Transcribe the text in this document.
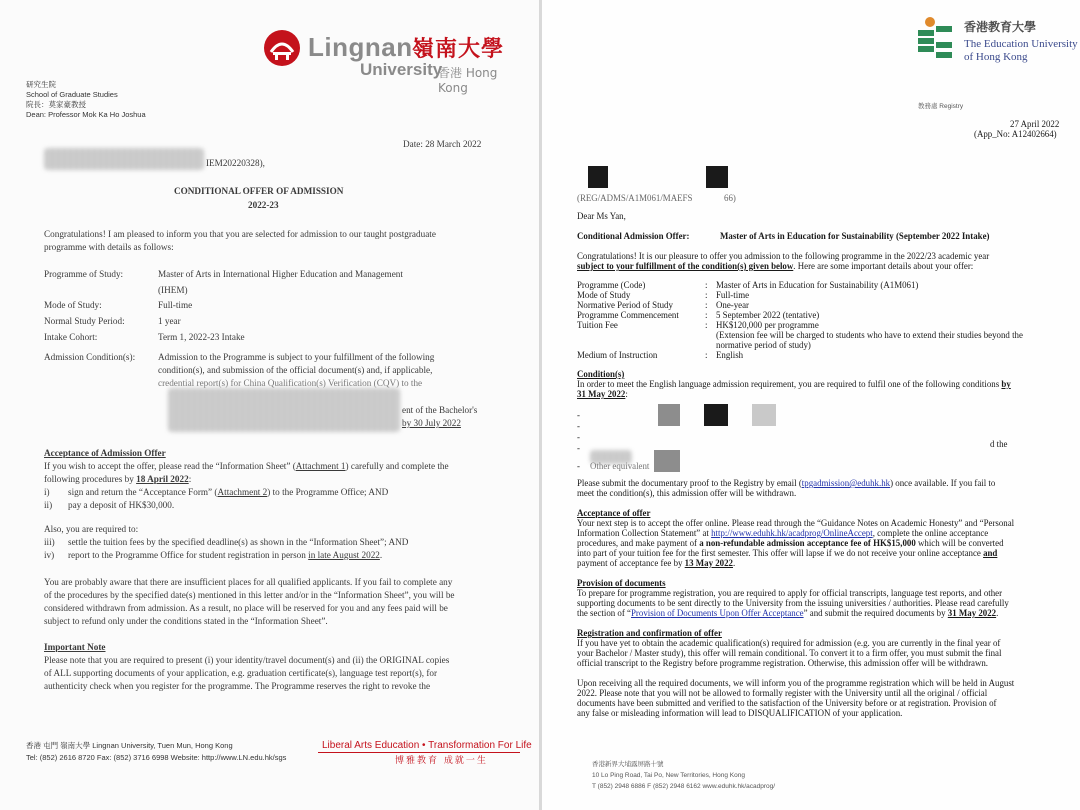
Lingnan 嶺南大學
University
香港 Hong Kong
研究生院
School of Graduate Studies
院長：莫家豪教授
Dean: Professor Mok Ka Ho Joshua
Date: 28 March 2022
IEM20220328),
CONDITIONAL OFFER OF ADMISSION
2022-23
Congratulations! I am pleased to inform you that you are selected for admission to our taught postgraduate
programme with details as follows:
Programme of Study:	Master of Arts in International Higher Education and Management
(IHEM)
Mode of Study:	Full-time
Normal Study Period:	1 year
Intake Cohort:	Term 1, 2022-23 Intake
Admission Condition(s): Admission to the Programme is subject to your fulfillment of the following
condition(s), and submission of the official document(s) and, if applicable,
credential report(s) for China Qualification(s) Verification (CQV) to the
ent of the Bachelor's
by 30 July 2022
Acceptance of Admission Offer
If you wish to accept the offer, please read the “Information Sheet” (Attachment 1) carefully and complete the
following procedures by 18 April 2022:
i) sign and return the “Acceptance Form” (Attachment 2) to the Programme Office; AND
ii) pay a deposit of HK$30,000.
Also, you are required to:
iii) settle the tuition fees by the specified deadline(s) as shown in the “Information Sheet”; AND
iv) report to the Programme Office for student registration in person in late August 2022.
You are probably aware that there are insufficient places for all qualified applicants. If you fail to complete any
of the procedures by the specified date(s) mentioned in this letter and/or in the “Information Sheet”, you will be
considered withdrawn from admission. As a result, no place will be reserved for you and any fees paid will be
subject to refund only under the conditions stated in the “Information Sheet”.
Important Note
Please note that you are required to present (i) your identity/travel document(s) and (ii) the ORIGINAL copies
of ALL supporting documents of your application, e.g. graduation certificate(s), language test report(s), for
authenticity check when you register for the programme. The Programme reserves the right to revoke the
香港 屯門 嶺南大學 Lingnan University, Tuen Mun, Hong Kong
Tel: (852) 2616 8720 Fax: (852) 3716 6998 Website: http://www.LN.edu.hk/sgs
Liberal Arts Education • Transformation For Life
博雅教育 成就一生
香港教育大學
The Education University
of Hong Kong
教務處 Registry
27 April 2022
(App_No: A12402664)
(REG/ADMS/A1M061/MAEFS	66)
Dear Ms Yan,
Conditional Admission Offer:	Master of Arts in Education for Sustainability (September 2022 Intake)
Congratulations! It is our pleasure to offer you admission to the following programme in the 2022/23 academic year
subject to your fulfillment of the condition(s) given below. Here are some important details about your offer:
Programme (Code)	: Master of Arts in Education for Sustainability (A1M061)
Mode of Study	: Full-time
Normative Period of Study	: One-year
Programme Commencement	: 5 September 2022 (tentative)
Tuition Fee	: HK$120,000 per programme
(Extension fee will be charged to students who have to extend their studies beyond the
normative period of study)
Medium of Instruction	: English
Condition(s)
In order to meet the English language admission requirement, you are required to fulfil one of the following conditions by
31 May 2022:
-
-
-
-
-
d the
Other equivalent
Please submit the documentary proof to the Registry by email (tpgadmission@eduhk.hk) once available. If you fail to
meet the condition(s), this admission offer will be withdrawn.
Acceptance of offer
Your next step is to accept the offer online. Please read through the “Guidance Notes on Academic Honesty” and “Personal
Information Collection Statement” at http://www.eduhk.hk/acadprog/OnlineAccept, complete the online acceptance
procedures, and make payment of a non-refundable admission acceptance fee of HK$15,000 which will be converted
into part of your tuition fee for the first semester. This offer will lapse if we do not receive your online acceptance and
payment of acceptance fee by 13 May 2022.
Provision of documents
To prepare for programme registration, you are required to apply for official transcripts, language test reports, and other
supporting documents to be sent directly to the University from the issuing universities / authorities. Please read carefully
the section of “Provision of Documents Upon Offer Acceptance” and submit the required documents by 31 May 2022.
Registration and confirmation of offer
If you have yet to obtain the academic qualification(s) required for admission (e.g. you are currently in the final year of
your Bachelor / Master study), this offer will remain conditional. To convert it to a firm offer, you must submit the final
official transcript to the Registry before programme registration. Otherwise, this admission offer will be withdrawn.
Upon receiving all the required documents, we will inform you of the programme registration which will be held in August
2022. Please note that you will not be allowed to formally register with the University until all the original / official
documents have been submitted and verified to the satisfaction of the University before or at registration. Provision of
any false or misleading information will lead to DISQUALIFICATION of your application.
香港新界大埔露屏路十號
10 Lo Ping Road, Tai Po, New Territories, Hong Kong
T (852) 2948 6886 F (852) 2948 6162 www.eduhk.hk/acadprog/
